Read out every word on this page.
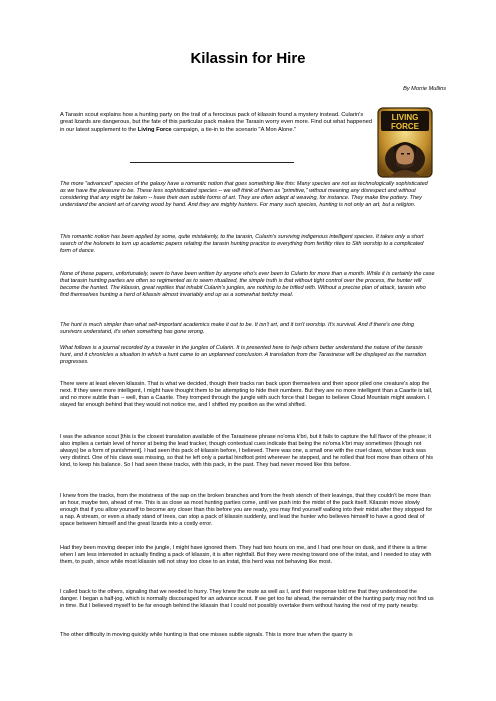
Kilassin for Hire
By Morrie Mullins
A Tarasin scout explains how a hunting party on the trail of a ferocious pack of kilassin found a mystery instead. Cularin's great lizards are dangerous, but the fate of this particular pack makes the Tarasin worry even more. Find out what happened in our latest supplement to the Living Force campaign, a tie-in to the scenario "A Mon Alone."
LIVING
FORCE

The more "advanced" species of the galaxy have a romantic notion that goes something like this: Many species are not as technologically sophisticated as we have the pleasure to be. These less sophisticated species -- we will think of them as "primitive," without meaning any disrespect and without considering that any might be taken -- have their own subtle forms of art. They are often adept at weaving, for instance. They make fine pottery. They understand the ancient art of carving wood by hand. And they are mighty hunters. For many such species, hunting is not only an art, but a religion.

This romantic notion has been applied by some, quite mistakenly, to the tarasin, Cularin's surviving indigenous intelligent species. It takes only a short search of the holonets to turn up academic papers relating the tarasin hunting practice to everything from fertility rites to Sith worship to a complicated form of dance.

None of these papers, unfortunately, seem to have been written by anyone who's ever been to Cularin for more than a month. While it is certainly the case that tarasin hunting parties are often so regimented as to seem ritualized, the simple truth is that without tight control over the process, the hunter will become the hunted. The kilassin, great reptiles that inhabit Cularin's jungles, are nothing to be trifled with. Without a precise plan of attack, tarasin who find themselves hunting a herd of kilassin almost invariably end up as a somewhat twitchy meal.

The hunt is much simpler than what self-important academics make it out to be. It isn't art, and it isn't worship. It's survival. And if there's one thing survivors understand, it's when something has gone wrong.

What follows is a journal recorded by a traveler in the jungles of Cularin. It is presented here to help others better understand the nature of the tarasin hunt, and it chronicles a situation in which a hunt came to an unplanned conclusion. A translation from the Tarasinese will be displayed as the narration progresses.

There were at least eleven kilassin. That is what we decided, though their tracks ran back upon themselves and their spoor piled one creature's atop the next. If they were more intelligent, I might have thought them to be attempting to hide their numbers. But they are no more intelligent than a Caarite is tall, and no more subtle than -- well, than a Caarite. They tromped through the jungle with such force that I began to believe Cloud Mountain might awaken. I stayed far enough behind that they would not notice me, and I shifted my position as the wind shifted.

I was the advance scout [this is the closest translation available of the Tarasinese phrase no'oma k'bri, but it fails to capture the full flavor of the phrase; it also implies a certain level of honor at being the lead tracker, though contextual cues indicate that being the no'oma k'bri may sometimes (though not always) be a form of punishment]. I had seen this pack of kilassin before, I believed. There was one, a small one with the cruel claws, whose track was very distinct. One of his claws was missing, so that he left only a partial hindfoot print wherever he stepped, and he rolled that foot more than others of his kind, to keep his balance. So I had seen these tracks, with this pack, in the past. They had never moved like this before.

I knew from the tracks, from the moistness of the sap on the broken branches and from the fresh stench of their leavings, that they couldn't be more than an hour, maybe two, ahead of me. This is as close as most hunting parties come, until we push into the midst of the pack itself. Kilassin move slowly enough that if you allow yourself to become any closer than this before you are ready, you may find yourself walking into their midst after they stopped for a nap. A stream, or even a shady stand of trees, can stop a pack of kilassin suddenly, and lead the hunter who believes himself to have a good deal of space between himself and the great lizards into a costly error.

Had they been moving deeper into the jungle, I might have ignored them. They had two hours on me, and I had one hour on dusk, and if there is a time when I am less interested in actually finding a pack of kilassin, it is after nightfall. But they were moving toward one of the irstat, and I needed to stay with them, to push, since while most kilassin will not stray too close to an irstat, this herd was not behaving like most.

I called back to the others, signaling that we needed to hurry. They knew the route as well as I, and their response told me that they understood the danger. I began a half-jog, which is normally discouraged for an advance scout. If we get too far ahead, the remainder of the hunting party may not find us in time. But I believed myself to be far enough behind the kilassin that I could not possibly overtake them without having the rest of my party nearby.

The other difficulty in moving quickly while hunting is that one misses subtle signals. This is more true when the quarry is
